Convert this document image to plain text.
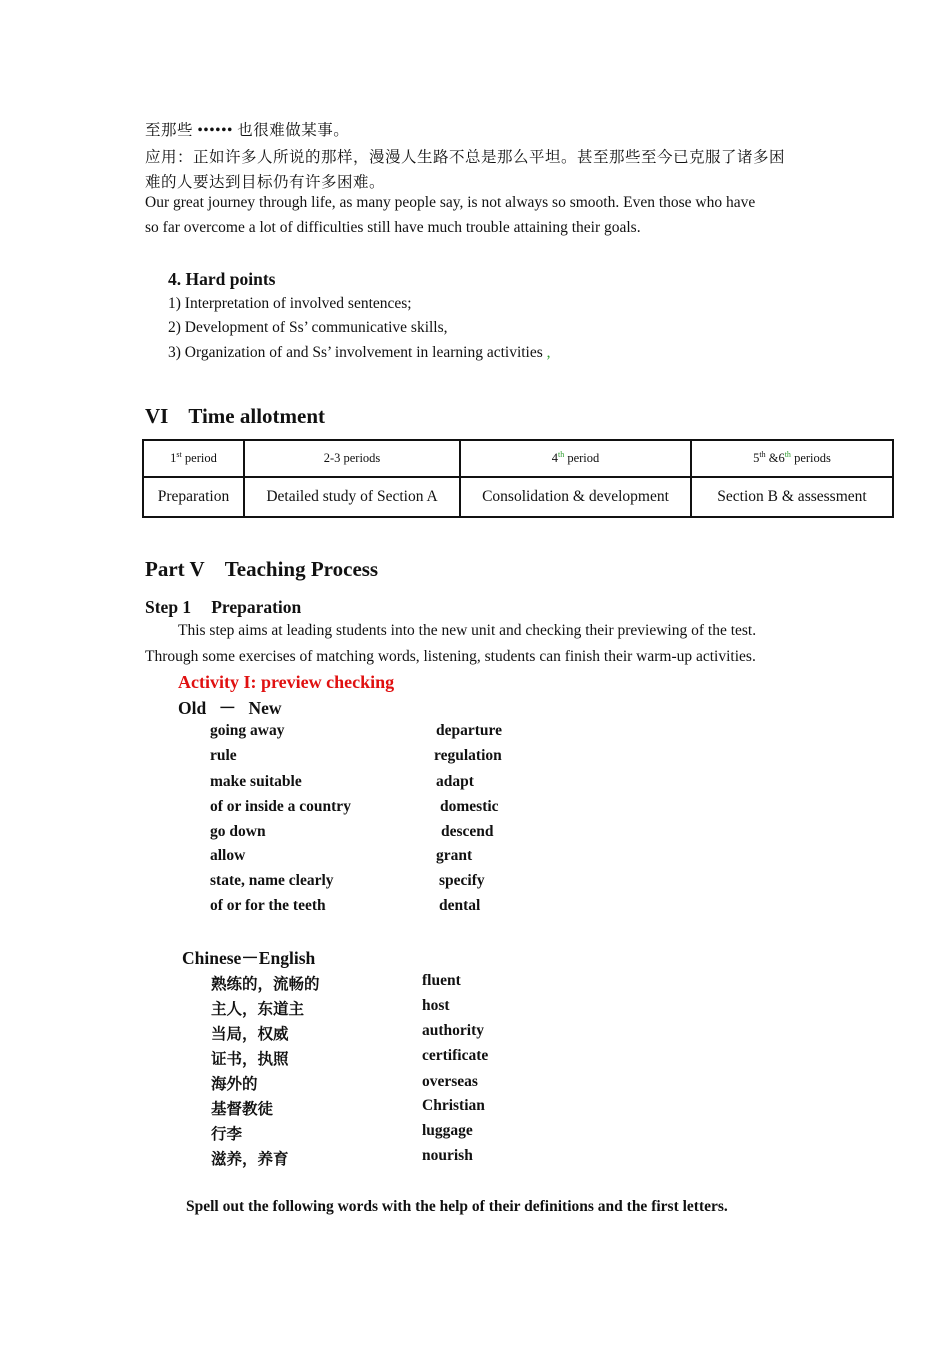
至那些 •••••• 也很难做某事。
应用：正如许多人所说的那样，漫漫人生路不总是那么平坦。甚至那些至今已克服了诸多困
难的人要达到目标仍有许多困难。
Our great journey through life, as many people say, is not always so smooth. Even those who have
so far overcome a lot of difficulties still have much trouble attaining their goals.
4. Hard points
1) Interpretation of involved sentences;
2) Development of Ss’ communicative skills,
3) Organization of and Ss’ involvement in learning activities ,
VI Time allotment
1st period	2-3 periods	4th period	5th &6th periods
Preparation	Detailed study of Section A	Consolidation & development	Section B & assessment
Part V Teaching Process
Step 1 Preparation
This step aims at leading students into the new unit and checking their previewing of the test.
Through some exercises of matching words, listening, students can finish their warm-up activities.
Activity I: preview checking
Old － New
going away	departure
rule	regulation
make suitable	adapt
of or inside a country	domestic
go down	descend
allow	grant
state, name clearly	specify
of or for the teeth	dental
Chinese－English
熟练的，流畅的	fluent
主人，东道主	host
当局，权威	authority
证书，执照	certificate
海外的	overseas
基督教徒	Christian
行李	luggage
滋养，养育	nourish
Spell out the following words with the help of their definitions and the first letters.
